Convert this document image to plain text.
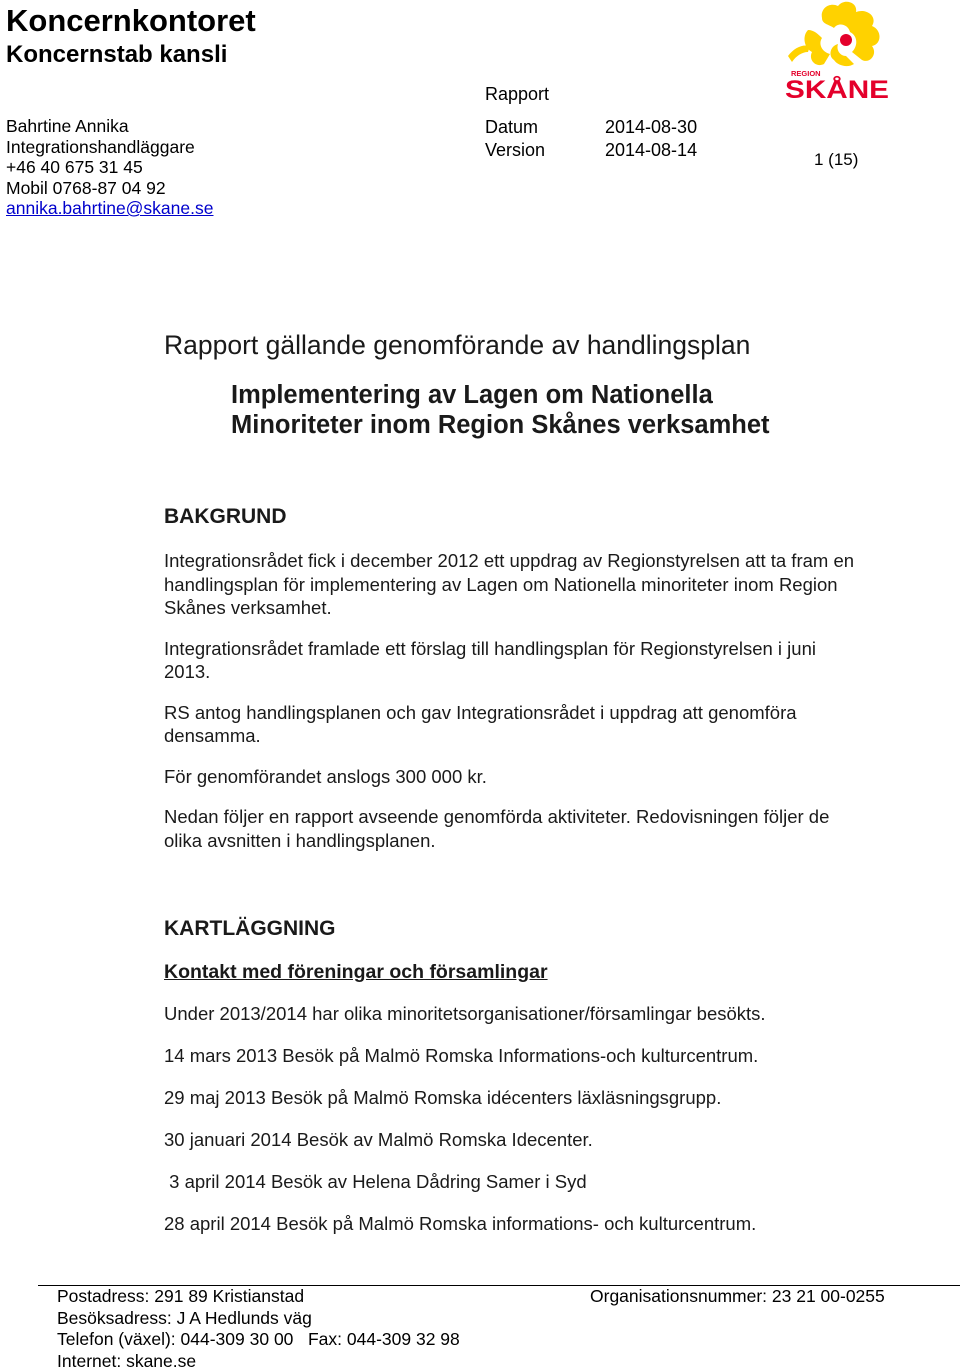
Koncernkontoret
Koncernstab kansli
Bahrtine Annika
Integrationshandläggare
+46 40 675 31 45
Mobil 0768-87 04 92
annika.bahrtine@skane.se
Rapport
Datum	2014-08-30
Version	2014-08-14	1 (15)
REGION
SKÅNE
Rapport gällande genomförande av handlingsplan
Implementering av Lagen om Nationella
Minoriteter inom Region Skånes verksamhet
BAKGRUND

Integrationsrådet fick i december 2012 ett uppdrag av Regionstyrelsen att ta fram en handlingsplan för implementering av Lagen om Nationella minoriteter inom Region Skånes verksamhet.

Integrationsrådet framlade ett förslag till handlingsplan för Regionstyrelsen i juni 2013.

RS antog handlingsplanen och gav Integrationsrådet i uppdrag att genomföra densamma.

För genomförandet anslogs 300 000 kr.

Nedan följer en rapport avseende genomförda aktiviteter. Redovisningen följer de olika avsnitten i handlingsplanen.

KARTLÄGGNING
Kontakt med föreningar och församlingar
Under 2013/2014 har olika minoritetsorganisationer/församlingar besökts.
14 mars 2013 Besök på Malmö Romska Informations-och kulturcentrum.
29 maj 2013 Besök på Malmö Romska idécenters läxläsningsgrupp.
30 januari 2014 Besök av Malmö Romska Idecenter.
3 april 2014 Besök av Helena Dådring Samer i Syd
28 april 2014 Besök på Malmö Romska informations- och kulturcentrum.
Postadress: 291 89 Kristianstad
Besöksadress: J A Hedlunds väg
Telefon (växel): 044-309 30 00   Fax: 044-309 32 98
Internet: skane.se
Organisationsnummer: 23 21 00-0255
